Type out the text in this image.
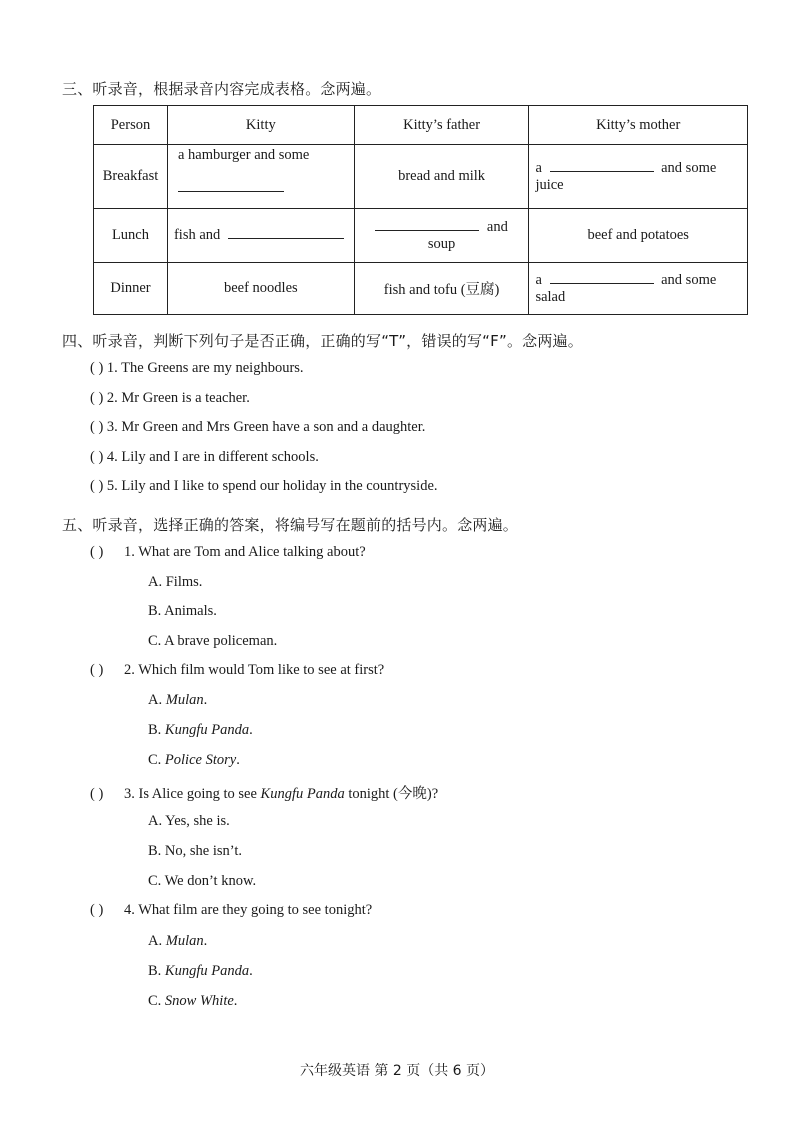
三、听录音，根据录音内容完成表格。念两遍。
Person	Kitty	Kitty’s father	Kitty’s mother
Breakfast	a hamburger and some	bread and milk	a and some juice
Lunch	fish and	and soup	beef and potatoes
Dinner	beef noodles	fish and tofu (豆腐)	a and some salad
四、听录音，判断下列句子是否正确，正确的写“T”，错误的写“F”。念两遍。
( ) 1. The Greens are my neighbours.
( ) 2. Mr Green is a teacher.
( ) 3. Mr Green and Mrs Green have a son and a daughter.
( ) 4. Lily and I are in different schools.
( ) 5. Lily and I like to spend our holiday in the countryside.
五、听录音，选择正确的答案，将编号写在题前的括号内。念两遍。
( ) 1. What are Tom and Alice talking about?
A. Films.
B. Animals.
C. A brave policeman.
( ) 2. Which film would Tom like to see at first?
A. Mulan.
B. Kungfu Panda.
C. Police Story.
( ) 3. Is Alice going to see Kungfu Panda tonight (今晚)?
A. Yes, she is.
B. No, she isn’t.
C. We don’t know.
( ) 4. What film are they going to see tonight?
A. Mulan.
B. Kungfu Panda.
C. Snow White.
六年级英语 第 2 页（共 6 页）
